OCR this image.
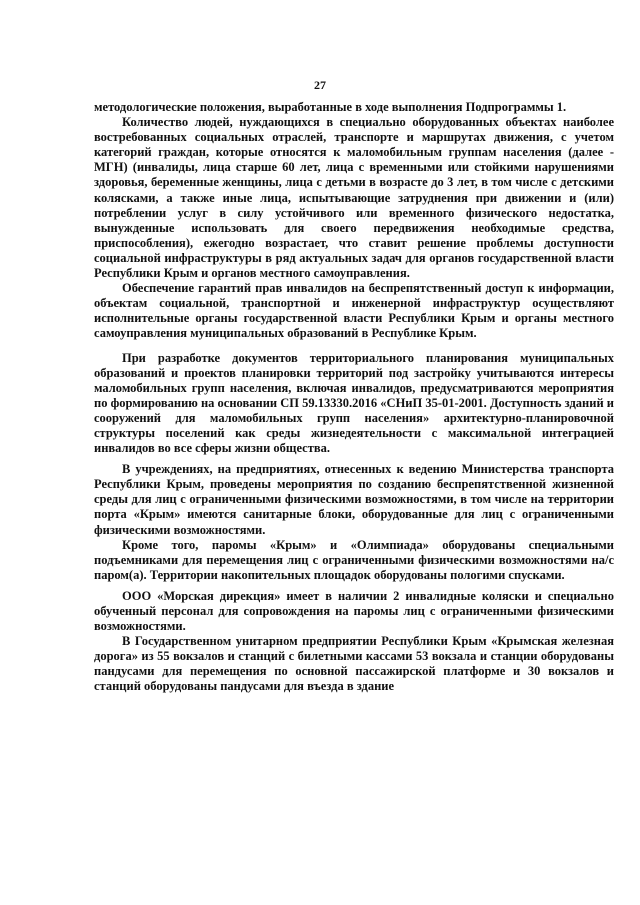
27

методологические положения, выработанные в ходе выполнения Подпрограммы 1.

Количество людей, нуждающихся в специально оборудованных объектах наиболее востребованных социальных отраслей, транспорте и маршрутах движения, с учетом категорий граждан, которые относятся к маломобильным группам населения (далее - МГН) (инвалиды, лица старше 60 лет, лица с временными или стойкими нарушениями здоровья, беременные женщины, лица с детьми в возрасте до 3 лет, в том числе с детскими колясками, а также иные лица, испытывающие затруднения при движении и (или) потреблении услуг в силу устойчивого или временного физического недостатка, вынужденные использовать для своего передвижения необходимые средства, приспособления), ежегодно возрастает, что ставит решение проблемы доступности социальной инфраструктуры в ряд актуальных задач для органов государственной власти Республики Крым и органов местного самоуправления.

Обеспечение гарантий прав инвалидов на беспрепятственный доступ к информации, объектам социальной, транспортной и инженерной инфраструктур осуществляют исполнительные органы государственной власти Республики Крым и органы местного самоуправления муниципальных образований в Республике Крым.

При разработке документов территориального планирования муниципальных образований и проектов планировки территорий под застройку учитываются интересы маломобильных групп населения, включая инвалидов, предусматриваются мероприятия по формированию на основании СП 59.13330.2016 «СНиП 35-01-2001. Доступность зданий и сооружений для маломобильных групп населения» архитектурно-планировочной структуры поселений как среды жизнедеятельности с максимальной интеграцией инвалидов во все сферы жизни общества.

В учреждениях, на предприятиях, отнесенных к ведению Министерства транспорта Республики Крым, проведены мероприятия по созданию беспрепятственной жизненной среды для лиц с ограниченными физическими возможностями, в том числе на территории порта «Крым» имеются санитарные блоки, оборудованные для лиц с ограниченными физическими возможностями.

Кроме того, паромы «Крым» и «Олимпиада» оборудованы специальными подъемниками для перемещения лиц с ограниченными физическими возможностями на/с паром(а). Территории накопительных площадок оборудованы пологими спусками.

ООО «Морская дирекция» имеет в наличии 2 инвалидные коляски и специально обученный персонал для сопровождения на паромы лиц с ограниченными физическими возможностями.

В Государственном унитарном предприятии Республики Крым «Крымская железная дорога» из 55 вокзалов и станций с билетными кассами 53 вокзала и станции оборудованы пандусами для перемещения по основной пассажирской платформе и 30 вокзалов и станций оборудованы пандусами для въезда в здание
